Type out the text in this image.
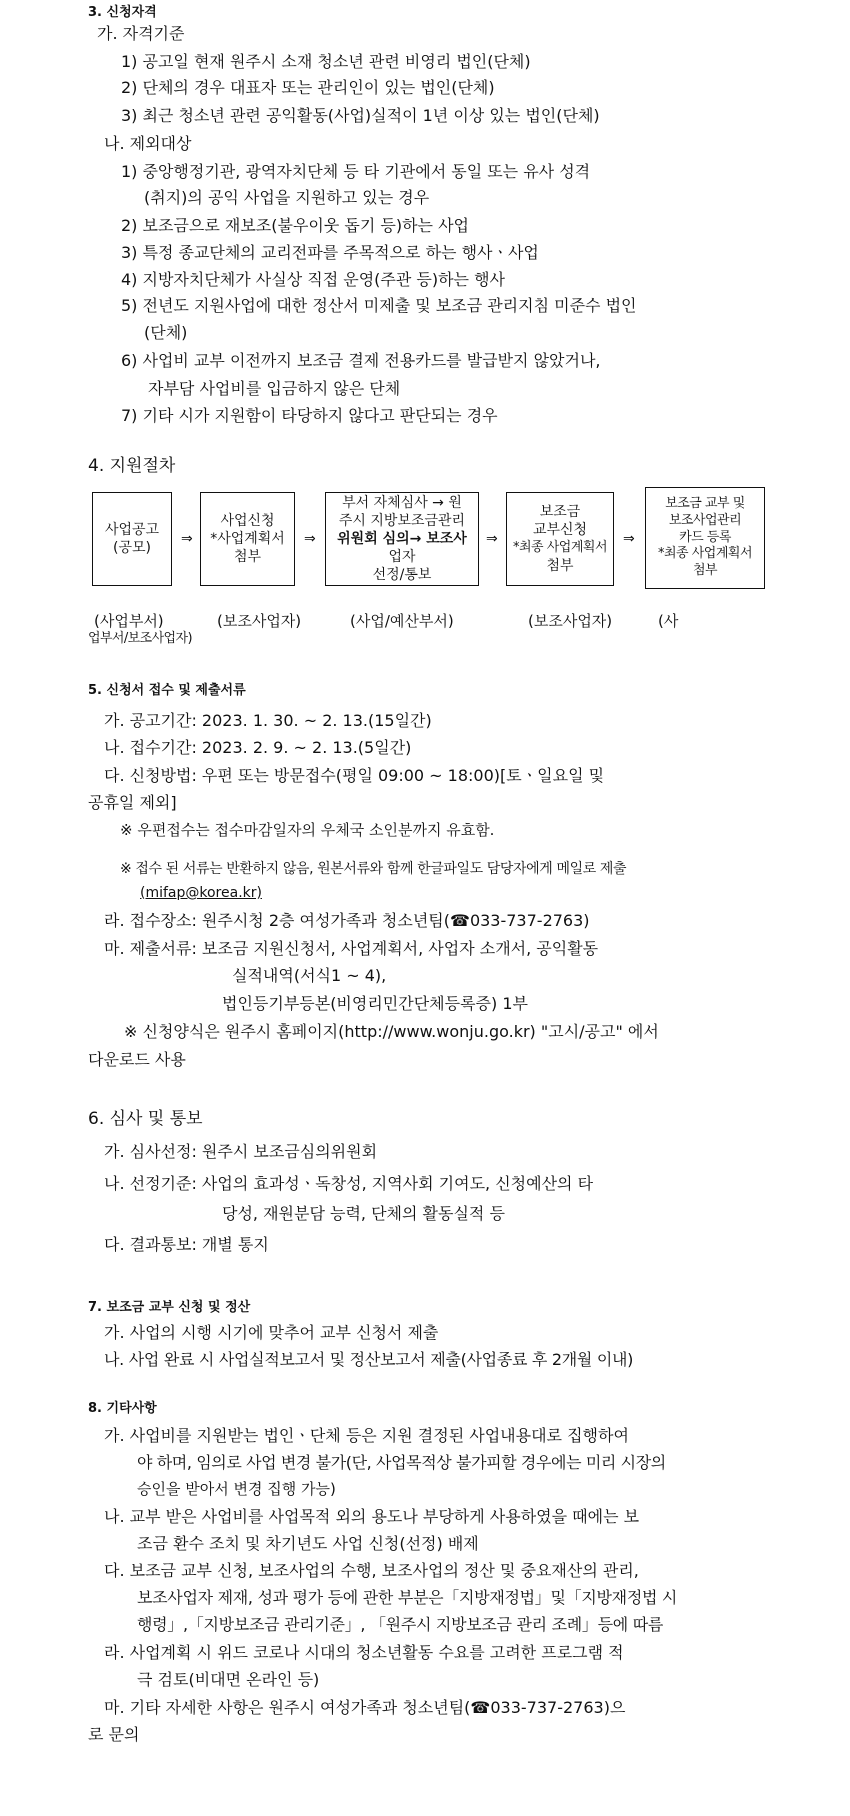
3. 신청자격
가. 자격기준
1) 공고일 현재 원주시 소재 청소년 관련 비영리 법인(단체)
2) 단체의 경우 대표자 또는 관리인이 있는 법인(단체)
3) 최근 청소년 관련 공익활동(사업)실적이 1년 이상 있는 법인(단체)
나. 제외대상
1) 중앙행정기관, 광역자치단체 등 타 기관에서 동일 또는 유사 성격
(취지)의 공익 사업을 지원하고 있는 경우
2) 보조금으로 재보조(불우이웃 돕기 등)하는 사업
3) 특정 종교단체의 교리전파를 주목적으로 하는 행사ㆍ사업
4) 지방자치단체가 사실상 직접 운영(주관 등)하는 행사
5) 전년도 지원사업에 대한 정산서 미제출 및 보조금 관리지침 미준수 법인
(단체)
6) 사업비 교부 이전까지 보조금 결제 전용카드를 발급받지 않았거나,
자부담 사업비를 입금하지 않은 단체
7) 기타 시가 지원함이 타당하지 않다고 판단되는 경우
4. 지원절차
사업공고
(공모)
⇒
사업신청
*사업계획서
첨부
⇒
부서 자체심사 → 원
주시 지방보조금관리
위원회 심의→ 보조사
업자
선정/통보
⇒
보조금
교부신청
*최종 사업계획서
첨부
⇒
보조금 교부 및
보조사업관리
카드 등록
*최종 사업계획서
첨부
(사업부서)	(보조사업자)	(사업/예산부서)	(보조사업자)	(사
업부서/보조사업자)
5. 신청서 접수 및 제출서류
가. 공고기간: 2023. 1. 30. ~ 2. 13.(15일간)
나. 접수기간: 2023. 2. 9. ~ 2. 13.(5일간)
다. 신청방법: 우편 또는 방문접수(평일 09:00 ~ 18:00)[토ㆍ일요일 및
공휴일 제외]
※ 우편접수는 접수마감일자의 우체국 소인분까지 유효함.
※ 접수 된 서류는 반환하지 않음, 원본서류와 함께 한글파일도 담당자에게 메일로 제출
(mifap@korea.kr)
라. 접수장소: 원주시청 2층 여성가족과 청소년팀(☎033-737-2763)
마. 제출서류: 보조금 지원신청서, 사업계획서, 사업자 소개서, 공익활동
실적내역(서식1 ~ 4),
법인등기부등본(비영리민간단체등록증) 1부
※ 신청양식은 원주시 홈페이지(http://www.wonju.go.kr) "고시/공고" 에서
다운로드 사용
6. 심사 및 통보
가. 심사선정: 원주시 보조금심의위원회
나. 선정기준: 사업의 효과성ㆍ독창성, 지역사회 기여도, 신청예산의 타
당성, 재원분담 능력, 단체의 활동실적 등
다. 결과통보: 개별 통지
7. 보조금 교부 신청 및 정산
가. 사업의 시행 시기에 맞추어 교부 신청서 제출
나. 사업 완료 시 사업실적보고서 및 정산보고서 제출(사업종료 후 2개월 이내)
8. 기타사항
가. 사업비를 지원받는 법인ㆍ단체 등은 지원 결정된 사업내용대로 집행하여
야 하며, 임의로 사업 변경 불가(단, 사업목적상 불가피할 경우에는 미리 시장의
승인을 받아서 변경 집행 가능)
나. 교부 받은 사업비를 사업목적 외의 용도나 부당하게 사용하였을 때에는 보
조금 환수 조치 및 차기년도 사업 신청(선정) 배제
다. 보조금 교부 신청, 보조사업의 수행, 보조사업의 정산 및 중요재산의 관리,
보조사업자 제재, 성과 평가 등에 관한 부분은「지방재정법」및「지방재정법 시
행령」,「지방보조금 관리기준」, 「원주시 지방보조금 관리 조례」등에 따름
라. 사업계획 시 위드 코로나 시대의 청소년활동 수요를 고려한 프로그램 적
극 검토(비대면 온라인 등)
마. 기타 자세한 사항은 원주시 여성가족과 청소년팀(☎033-737-2763)으
로 문의
